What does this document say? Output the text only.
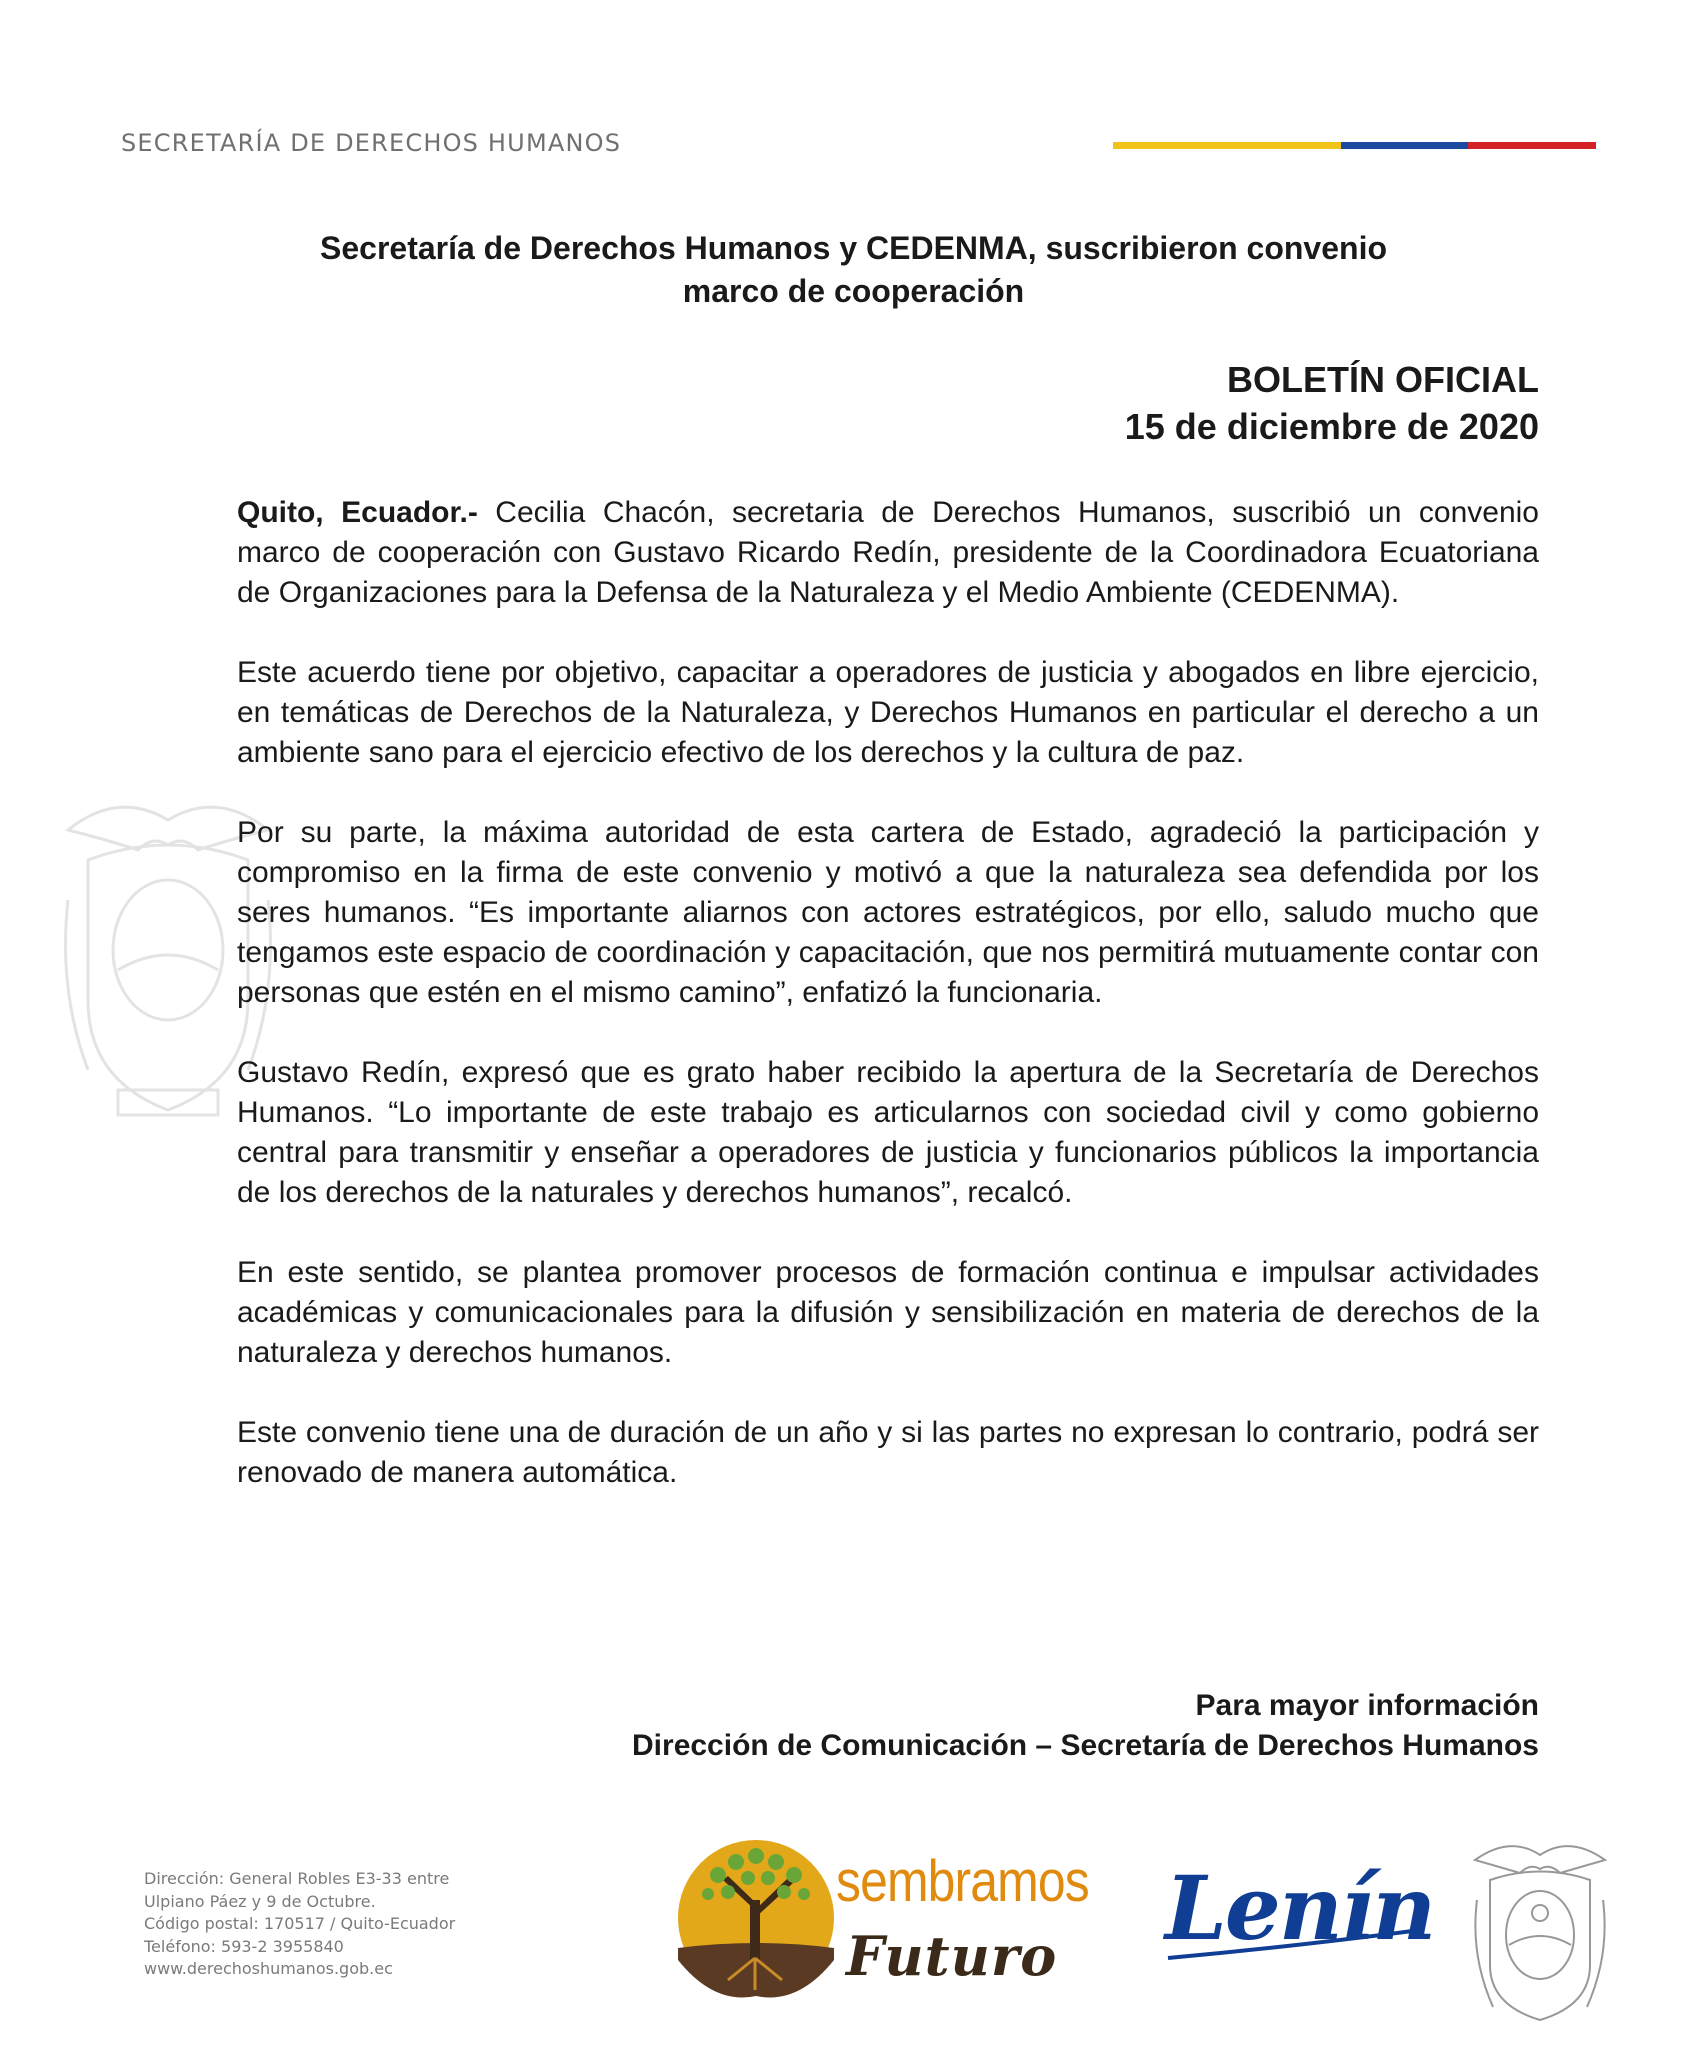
SECRETARÍA DE DERECHOS HUMANOS
Secretaría de Derechos Humanos y CEDENMA, suscribieron convenio
marco de cooperación
BOLETÍN OFICIAL
15 de diciembre de 2020

Quito, Ecuador.- Cecilia Chacón, secretaria de Derechos Humanos, suscribió un convenio marco de cooperación con Gustavo Ricardo Redín, presidente de la Coordinadora Ecuatoriana de Organizaciones para la Defensa de la Naturaleza y el Medio Ambiente (CEDENMA).

Este acuerdo tiene por objetivo, capacitar a operadores de justicia y abogados en libre ejercicio, en temáticas de Derechos de la Naturaleza, y Derechos Humanos en particular el derecho a un ambiente sano para el ejercicio efectivo de los derechos y la cultura de paz.

Por su parte, la máxima autoridad de esta cartera de Estado, agradeció la participación y compromiso en la firma de este convenio y motivó a que la naturaleza sea defendida por los seres humanos. “Es importante aliarnos con actores estratégicos, por ello, saludo mucho que tengamos este espacio de coordinación y capacitación, que nos permitirá mutuamente contar con personas que estén en el mismo camino”, enfatizó la funcionaria.

Gustavo Redín, expresó que es grato haber recibido la apertura de la Secretaría de Derechos Humanos. “Lo importante de este trabajo es articularnos con sociedad civil y como gobierno central para transmitir y enseñar a operadores de justicia y funcionarios públicos la importancia de los derechos de la naturales y derechos humanos”, recalcó.

En este sentido, se plantea promover procesos de formación continua e impulsar actividades académicas y comunicacionales para la difusión y sensibilización en materia de derechos de la naturaleza y derechos humanos.

Este convenio tiene una de duración de un año y si las partes no expresan lo contrario, podrá ser renovado de manera automática.

Para mayor información
Dirección de Comunicación – Secretaría de Derechos Humanos
Dirección: General Robles E3-33 entre
Ulpiano Páez y 9 de Octubre.
Código postal: 170517 / Quito-Ecuador
Teléfono: 593-2 3955840
www.derechoshumanos.gob.ec
sembramos
Futuro Lenín
